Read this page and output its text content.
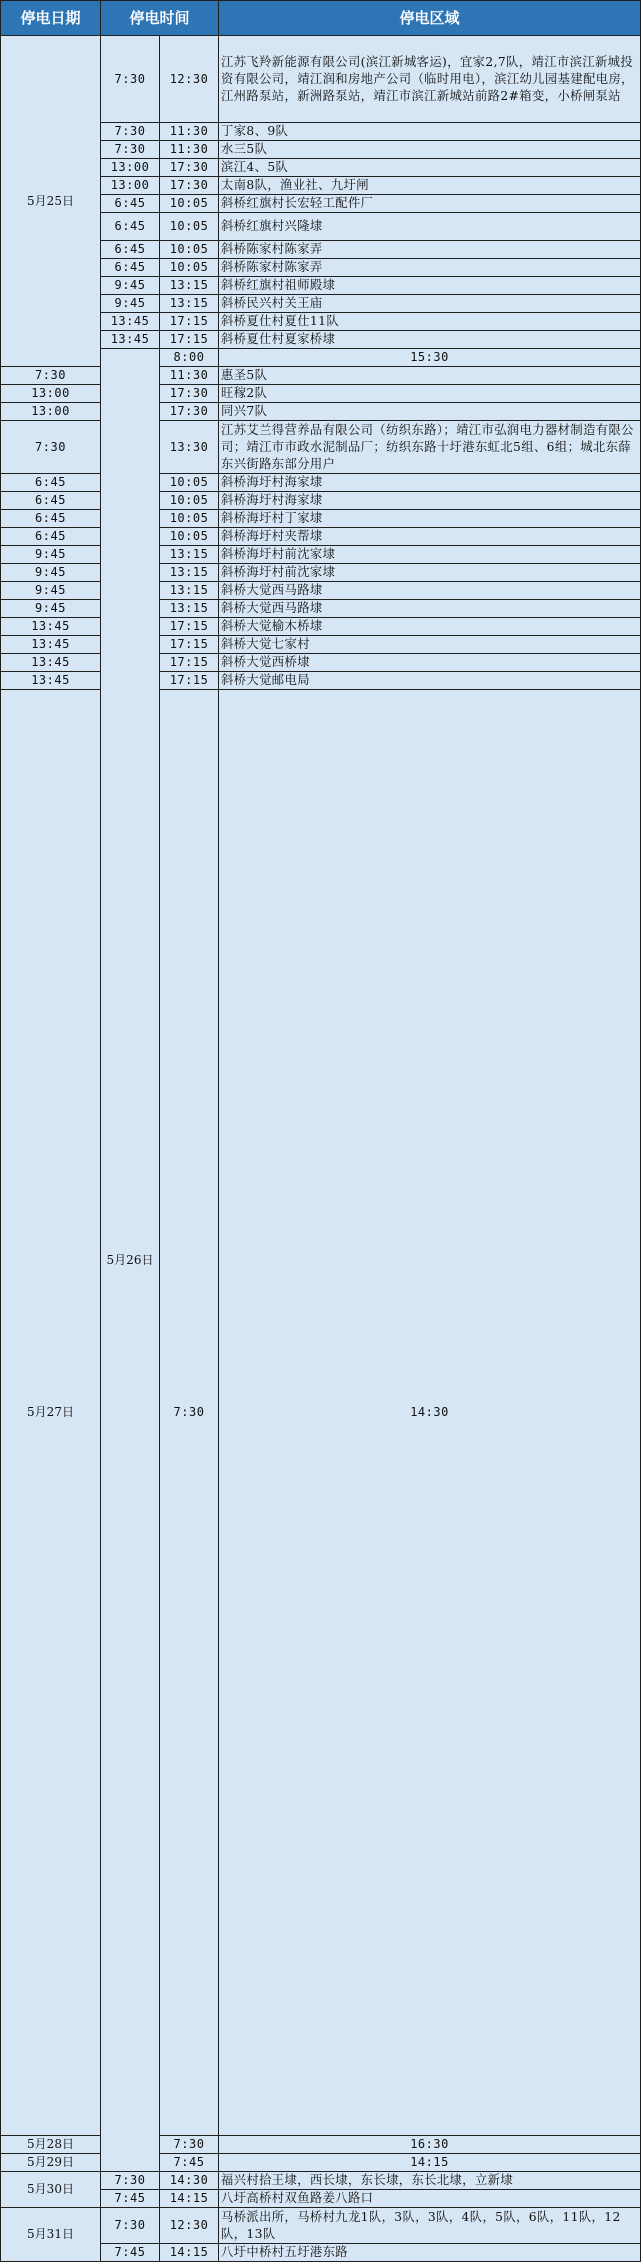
停电日期	停电时间		停电区域	
5月25日	7:30	12:30	江苏飞羚新能源有限公司(滨江新城客运)，宜家2,7队，靖江市滨江新城投资有限公司，靖江润和房地产公司（临时用电），滨江幼儿园基建配电房，江州路泵站，新洲路泵站，靖江市滨江新城站前路2#箱变，小桥闸泵站	
	7:30	11:30	丁家8、9队	
	7:30	11:30	水三5队	
	13:00	17:30	滨江4、5队	
	13:00	17:30	太南8队，渔业社、九圩闸	
	6:45	10:05	斜桥红旗村长宏轻工配件厂	
	6:45	10:05	斜桥红旗村兴隆埭	
	6:45	10:05	斜桥陈家村陈家弄	
	6:45	10:05	斜桥陈家村陈家弄	
	9:45	13:15	斜桥红旗村祖师殿埭	
	9:45	13:15	斜桥民兴村关王庙	
	13:45	17:15	斜桥夏仕村夏仕11队	
	13:45	17:15	斜桥夏仕村夏家桥埭	
	5月26日	8:00	15:30	
7:30		11:30	惠圣5队	
13:00		17:30	旺稼2队	
13:00		17:30	同兴7队	
7:30		13:30	江苏艾兰得营养品有限公司（纺织东路）；靖江市弘润电力器材制造有限公司；靖江市市政水泥制品厂；纺织东路十圩港东虹北5组、6组；城北东薛东兴街路东部分用户	
6:45		10:05	斜桥海圩村海家埭	
6:45		10:05	斜桥海圩村海家埭	
6:45		10:05	斜桥海圩村丁家埭	
6:45		10:05	斜桥海圩村夹帮埭	
9:45		13:15	斜桥海圩村前沈家埭	
9:45		13:15	斜桥海圩村前沈家埭	
9:45		13:15	斜桥大觉西马路埭	
9:45		13:15	斜桥大觉西马路埭	
13:45		17:15	斜桥大觉榆木桥埭	
13:45		17:15	斜桥大觉七家村	
13:45		17:15	斜桥大觉西桥埭	
13:45		17:15	斜桥大觉邮电局	
5月27日		7:30	14:30	
5月28日		7:30	16:30	
5月29日		7:45	14:15	
5月30日	7:30	14:30	福兴村拾王埭，西长埭，东长埭，东长北埭，立新埭	
	7:45	14:15	八圩高桥村双鱼路姜八路口	
5月31日	7:30	12:30	马桥派出所，马桥村九龙1队，3队，3队，4队，5队，6队，11队，12队，13队	
	7:45	14:15	八圩中桥村五圩港东路	
